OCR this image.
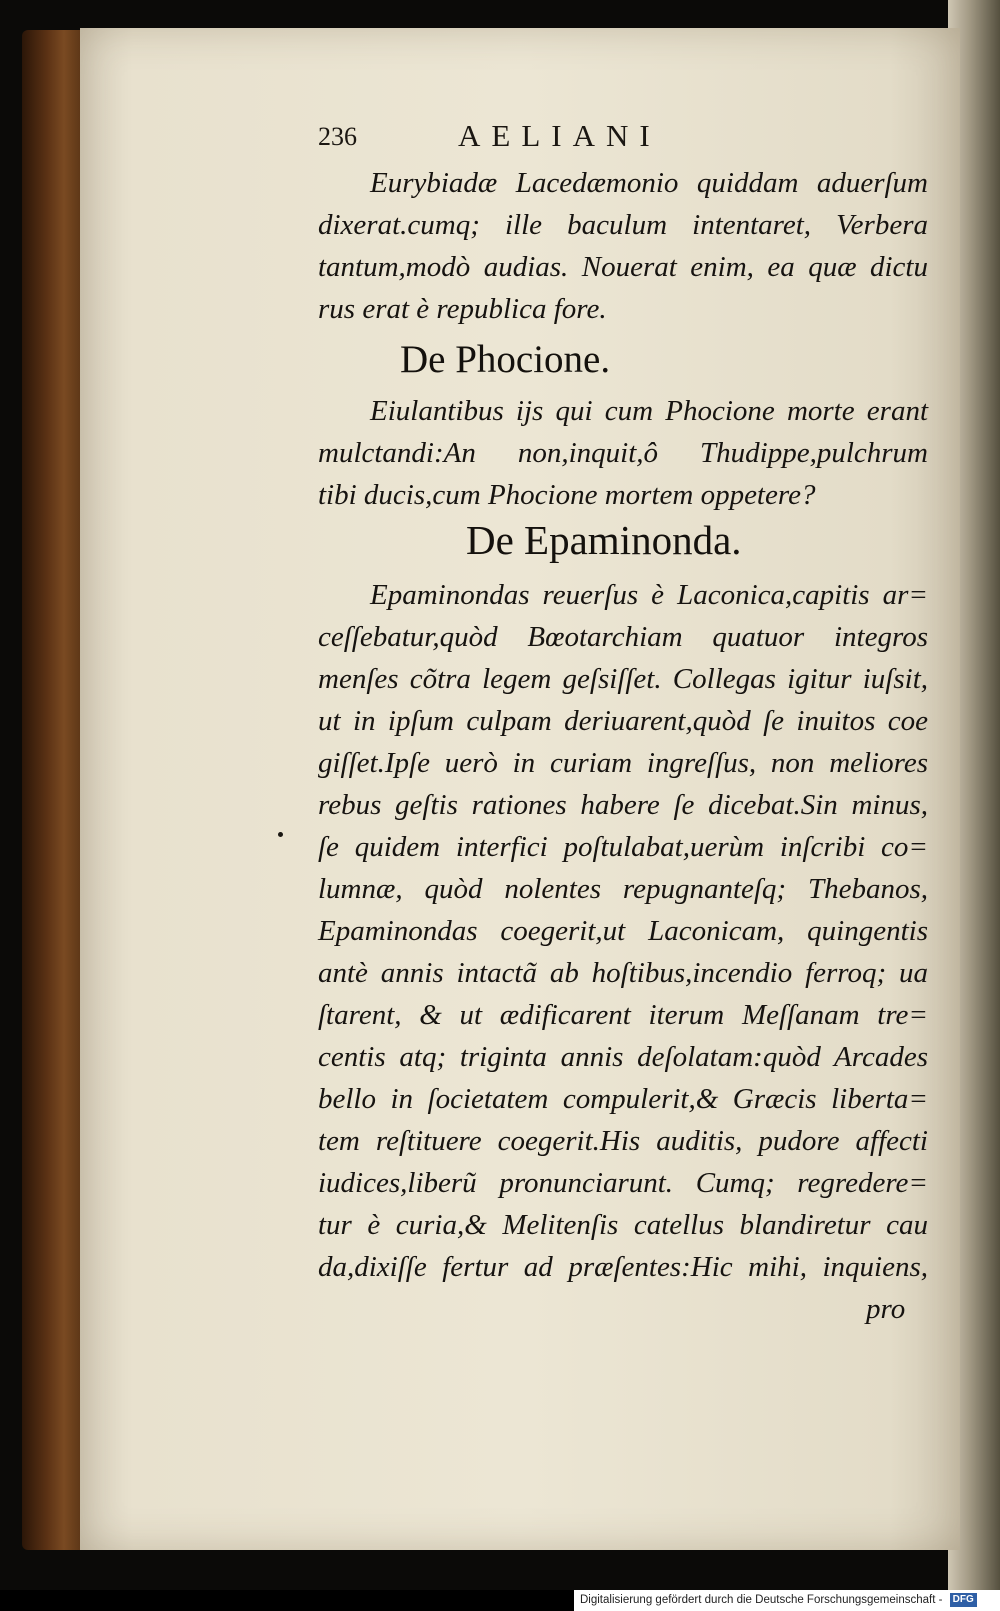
236	AELIANI
Eurybiadæ Lacedæmonio quiddam aduerſum
dixerat.cumq; ille baculum intentaret, Verbera
tantum,modò audias. Nouerat enim, ea quæ dictu
rus erat è republica fore.
De Phocione.
Eiulantibus ijs qui cum Phocione morte erant
mulctandi:An non,inquit,ô Thudippe,pulchrum
tibi ducis,cum Phocione mortem oppetere?
De Epaminonda.
Epaminondas reuerſus è Laconica,capitis ar=
ceſſebatur,quòd Bœotarchiam quatuor integros
menſes cõtra legem geſsiſſet. Collegas igitur iuſsit,
ut in ipſum culpam deriuarent,quòd ſe inuitos coe
giſſet.Ipſe uerò in curiam ingreſſus, non meliores
rebus geſtis rationes habere ſe dicebat.Sin minus,
ſe quidem interfici poſtulabat,uerùm inſcribi co=
lumnæ, quòd nolentes repugnanteſq; Thebanos,
Epaminondas coegerit,ut Laconicam, quingentis
antè annis intactã ab hoſtibus,incendio ferroq; ua
ſtarent, & ut ædificarent iterum Meſſanam tre=
centis atq; triginta annis deſolatam:quòd Arcades
bello in ſocietatem compulerit,& Græcis liberta=
tem reſtituere coegerit.His auditis, pudore affecti
iudices,liberũ pronunciarunt. Cumq; regredere=
tur è curia,& Melitenſis catellus blandiretur cau
da,dixiſſe fertur ad præſentes:Hic mihi, inquiens,
pro
Digitalisierung gefördert durch die Deutsche Forschungsgemeinschaft - DFG
